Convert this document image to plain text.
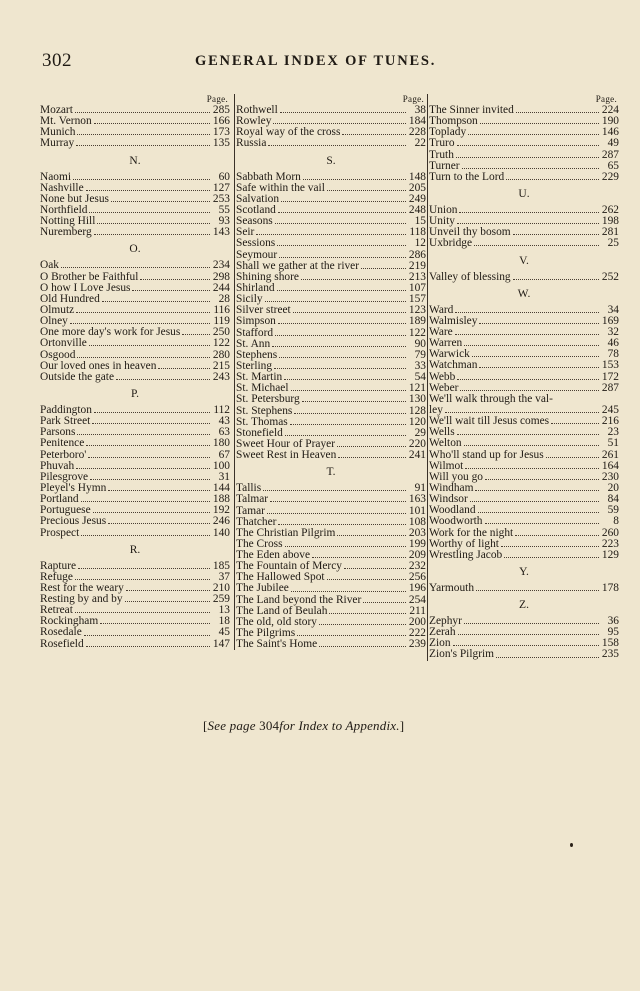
302	GENERAL INDEX OF TUNES.
Page.
Mozart	285
Mt. Vernon	166
Munich	173
Murray	135
N.
Naomi	60
Nashville	127
None but Jesus	253
Northfield	55
Notting Hill	93
Nuremberg	143
O.
Oak	234
O Brother be Faithful	298
O how I Love Jesus	244
Old Hundred	28
Olmutz	116
Olney	119
One more day's work for Jesus	250
Ortonville	122
Osgood	280
Our loved ones in heaven	215
Outside the gate	243
P.
Paddington	112
Park Street	43
Parsons	63
Penitence	180
Peterboro'	67
Phuvah	100
Pilesgrove	31
Pleyel's Hymn	144
Portland	188
Portuguese	192
Precious Jesus	246
Prospect	140
R.
Rapture	185
Refuge	37
Rest for the weary	210
Resting by and by	259
Retreat	13
Rockingham	18
Rosedale	45
Rosefield	147
Page.
Rothwell	38
Rowley	184
Royal way of the cross	228
Russia	22
S.
Sabbath Morn	148
Safe within the vail	205
Salvation	249
Scotland	248
Seasons	15
Seir	118
Sessions	12
Seymour	286
Shall we gather at the river	219
Shining shore	213
Shirland	107
Sicily	157
Silver street	123
Simpson	189
Stafford	122
St. Ann	90
Stephens	79
Sterling	33
St. Martin	54
St. Michael	121
St. Petersburg	130
St. Stephens	128
St. Thomas	120
Stonefield	29
Sweet Hour of Prayer	220
Sweet Rest in Heaven	241
T.
Tallis	91
Talmar	163
Tamar	101
Thatcher	108
The Christian Pilgrim	203
The Cross	199
The Eden above	209
The Fountain of Mercy	232
The Hallowed Spot	256
The Jubilee	196
The Land beyond the River	254
The Land of Beulah	211
The old, old story	200
The Pilgrims	222
The Saint's Home	239
Page.
The Sinner invited	224
Thompson	190
Toplady	146
Truro	49
Truth	287
Turner	65
Turn to the Lord	229
U.
Union	262
Unity	198
Unveil thy bosom	281
Uxbridge	25
V.
Valley of blessing	252
W.
Ward	34
Walmisley	169
Ware	32
Warren	46
Warwick	78
Watchman	153
Webb	172
Weber	287
We'll walk through the val-
ley	245
We'll wait till Jesus comes	216
Wells	23
Welton	51
Who'll stand up for Jesus	261
Wilmot	164
Will you go	230
Windham	20
Windsor	84
Woodland	59
Woodworth	8
Work for the night	260
Worthy of light	223
Wrestling Jacob	129
Y.
Yarmouth	178
Z.
Zephyr	36
Zerah	95
Zion	158
Zion's Pilgrim	235
[See page 304for Index to Appendix.]
